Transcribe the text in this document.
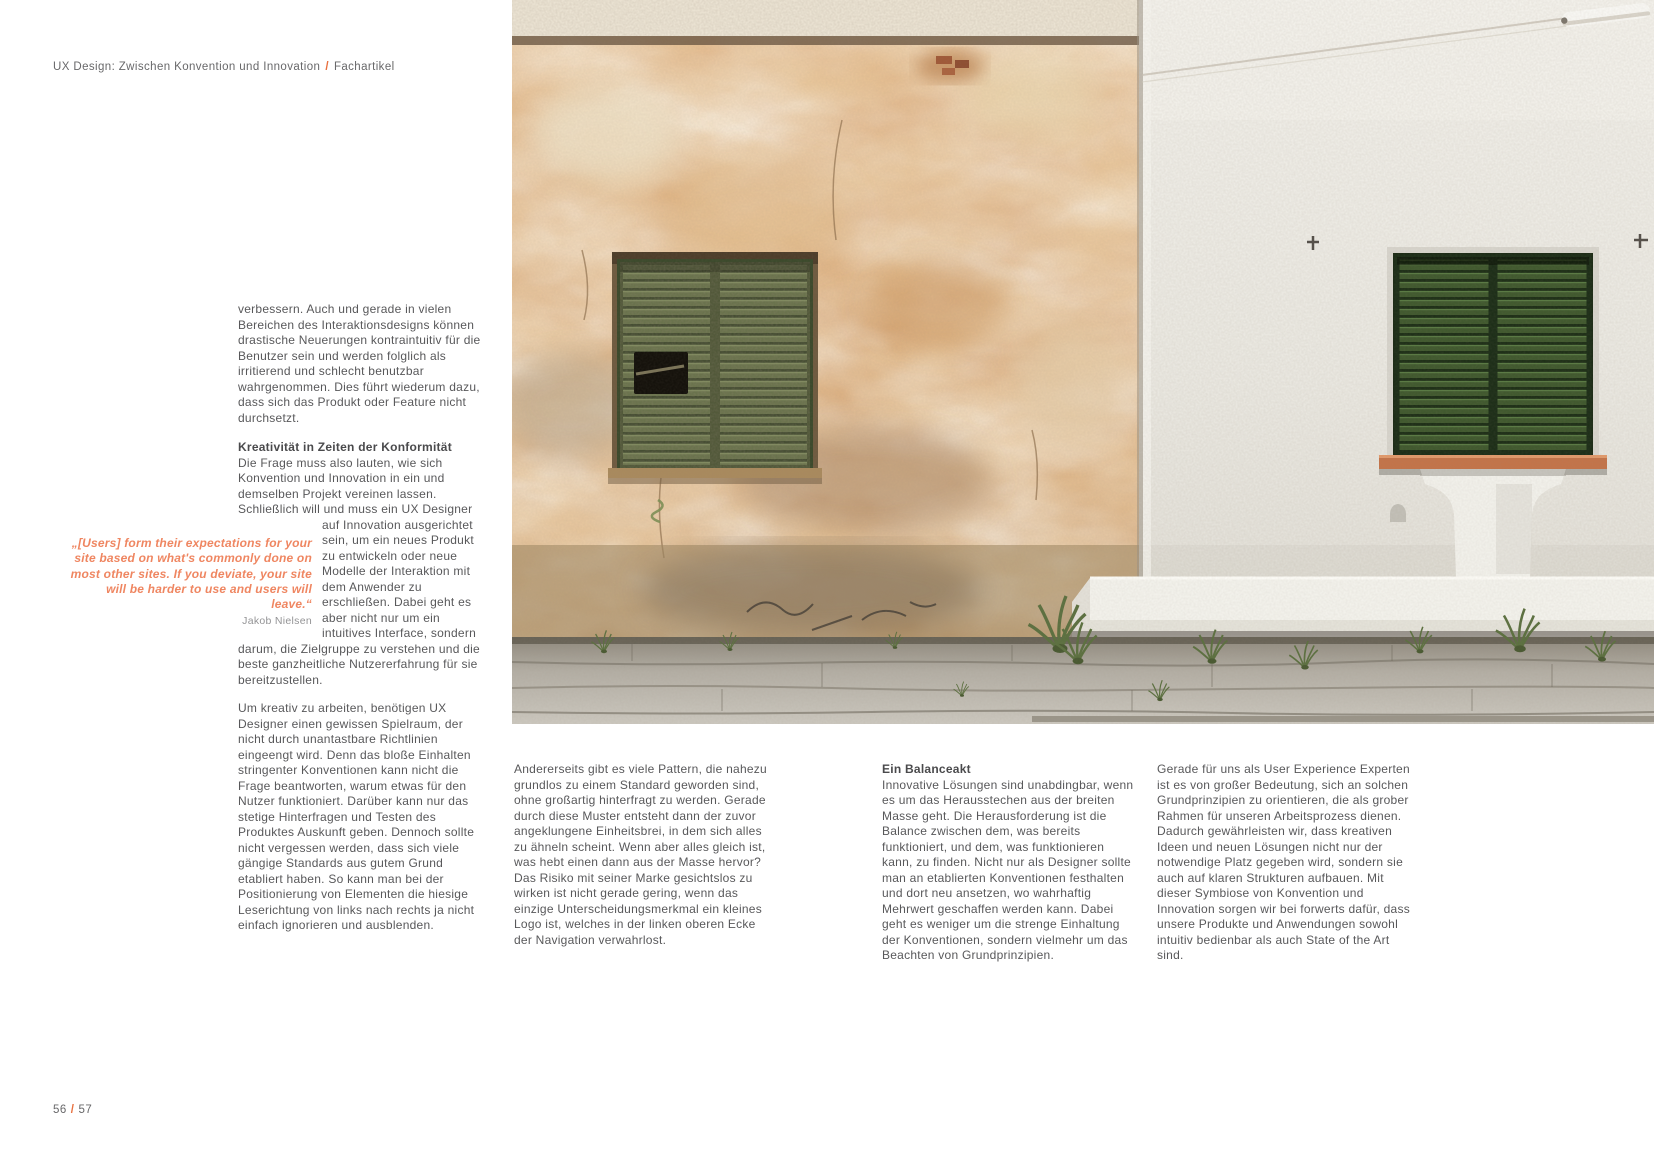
UX Design: Zwischen Konvention und Innovation / Fachartikel

verbessern. Auch und gerade in vielen Bereichen des Interaktionsdesigns können drastische Neuerungen kontraintuitiv für die Benutzer sein und werden folglich als irritierend und schlecht benutzbar wahrgenommen. Dies führt wiederum dazu, dass sich das Produkt oder Feature nicht durchsetzt.

Kreativität in Zeiten der Konformität

Die Frage muss also lauten, wie sich Konvention und Innovation in ein und demselben Projekt vereinen lassen. Schließlich will und muss ein UX Designer
auf Innovation ausgerichtet sein, um ein neues Produkt zu entwickeln oder neue Modelle der Interaktion mit dem Anwender zu erschließen. Dabei geht es aber nicht nur um ein intuitives Interface, sondern darum, die Zielgruppe zu verstehen und die beste ganzheitliche Nutzererfahrung für sie bereitzustellen.

Um kreativ zu arbeiten, benötigen UX Designer einen gewissen Spielraum, der nicht durch unantastbare Richtlinien eingeengt wird. Denn das bloße Einhalten stringenter Konventionen kann nicht die Frage beantworten, warum etwas für den Nutzer funktioniert. Darüber kann nur das stetige Hinterfragen und Testen des Produktes Auskunft geben. Dennoch sollte nicht vergessen werden, dass sich viele gängige Standards aus gutem Grund etabliert haben. So kann man bei der Positionierung von Elementen die hiesige Leserichtung von links nach rechts ja nicht einfach ignorieren und ausblenden.

„[Users] form their expectations for your site based on what's commonly done on most other sites. If you deviate, your site will be harder to use and users will leave.“

Jakob Nielsen

Andererseits gibt es viele Pattern, die nahezu grundlos zu einem Standard geworden sind, ohne großartig hinterfragt zu werden. Gerade durch diese Muster entsteht dann der zuvor angeklungene Einheitsbrei, in dem sich alles zu ähneln scheint. Wenn aber alles gleich ist, was hebt einen dann aus der Masse hervor? Das Risiko mit seiner Marke gesichtslos zu wirken ist nicht gerade gering, wenn das einzige Unterscheidungsmerkmal ein kleines Logo ist, welches in der linken oberen Ecke der Navigation verwahrlost.

Ein Balanceakt

Innovative Lösungen sind unabdingbar, wenn es um das Herausstechen aus der breiten Masse geht. Die Herausforderung ist die Balance zwischen dem, was bereits funktioniert, und dem, was funktionieren kann, zu finden. Nicht nur als Designer sollte man an etablierten Konventionen festhalten und dort neu ansetzen, wo wahrhaftig Mehrwert geschaffen werden kann. Dabei geht es weniger um die strenge Einhaltung der Konventionen, sondern vielmehr um das Beachten von Grundprinzipien.

Gerade für uns als User Experience Experten ist es von großer Bedeutung, sich an solchen Grundprinzipien zu orientieren, die als grober Rahmen für unseren Arbeitsprozess dienen. Dadurch gewährleisten wir, dass kreativen Ideen und neuen Lösungen nicht nur der notwendige Platz gegeben wird, sondern sie auch auf klaren Strukturen aufbauen. Mit dieser Symbiose von Konvention und Innovation sorgen wir bei forwerts dafür, dass unsere Produkte und Anwendungen sowohl intuitiv bedienbar als auch State of the Art sind.

56 / 57
